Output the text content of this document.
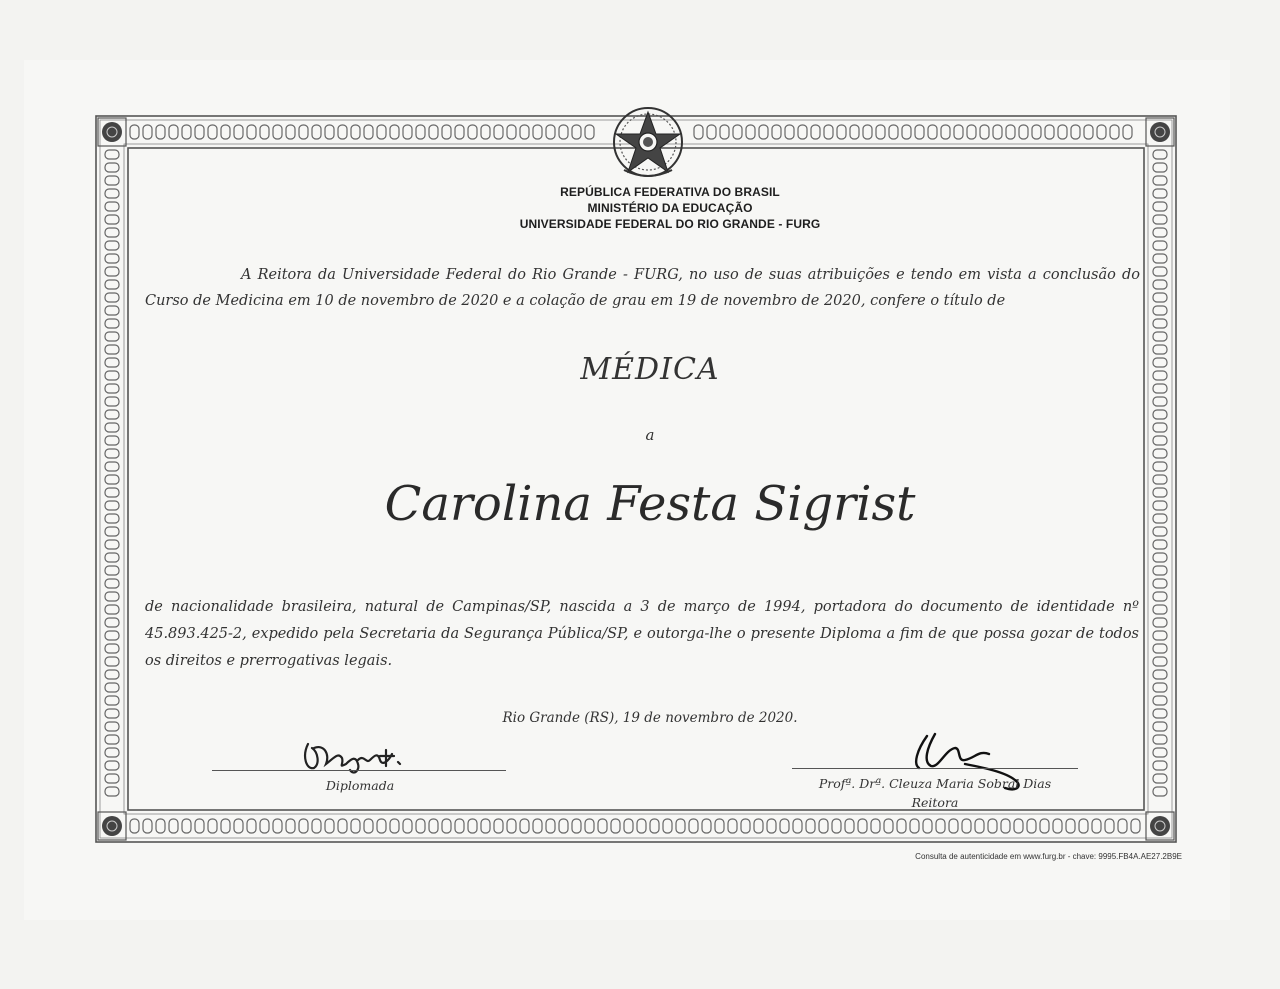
REPÚBLICA FEDERATIVA DO BRASIL
MINISTÉRIO DA EDUCAÇÃO
UNIVERSIDADE FEDERAL DO RIO GRANDE - FURG
A Reitora da Universidade Federal do Rio Grande - FURG, no uso de suas atribuições e tendo em vista a conclusão do Curso de Medicina em 10 de novembro de 2020 e a colação de grau em 19 de novembro de 2020, confere o título de
MÉDICA
a
Carolina Festa Sigrist
de nacionalidade brasileira, natural de Campinas/SP, nascida a 3 de março de 1994, portadora do documento de identidade nº 45.893.425-2, expedido pela Secretaria da Segurança Pública/SP, e outorga-lhe o presente Diploma a fim de que possa gozar de todos os direitos e prerrogativas legais.
Rio Grande (RS), 19 de novembro de 2020.
Diplomada	Profª. Drª. Cleuza Maria Sobral Dias
Reitora
Consulta de autenticidade em www.furg.br - chave: 9995.FB4A.AE27.2B9E
